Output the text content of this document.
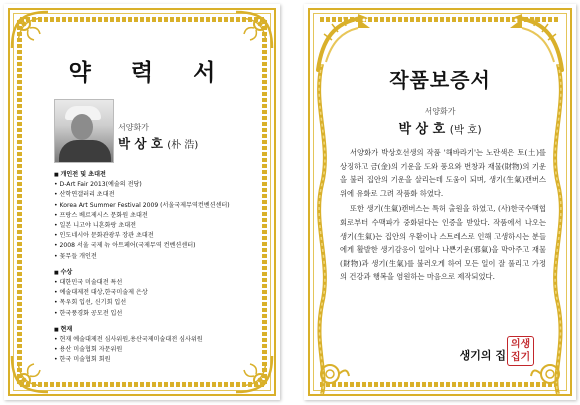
약 력 서
서양화가
박 상 호 (朴 浩)
■ 개인전 및 초대전
• D-Art Fair 2013(예술의 전당)
• 산학연갤러리 초대전
• Korea Art Summer Festival 2009 (서울국제무역컨벤션센터)
• 프랑스 베르제시스 문화원 초대전
• 일본 니고야 니혼화랑 초대전
• 인도네시아 문화관광부 장관 초대전
• 2008 서울 국제 뉴 아트페어(국제무역 컨벤션센터)
• 꽃무들 개인전
■ 수상
• 대한민국 미술대전 특선
• 예술대제전 대상,한국미술제 은상
• 목우회 입선, 신기회 입선
• 한국풍경화 공모전 입선
■ 현재
• 현재 예술대제전 심사위원,용산국제미술대전 심사위원
• 용산 미술협회 자문위원
• 한국 미술협회 회원
작품보증서
서양화가
박 상 호 (박 호)

서양화가 박상호선생의 작품 '해바라기'는 노란색은 토(土)를 상징하고 금(金)의 기운을 도와 풍요와 번창과 재물(財物)의 기운을 불러 집안의 기운을 살리는데 도움이 되며, 생기(生氣)캔버스 위에 유화로 그려 작품화 하였다.

또한 생기(生氣)캔버스는 특허 출원을 하였고, (사)한국수맥협회로부터 수맥파가 중화된다는 인증을 받았다. 작품에서 나오는 생기(生氣)는 집안의 우환이나 스트레스로 인해 고생하시는 분들에게 활발한 생기감응이 일어나 나쁜기운(邪氣)을 막아주고 재물(財物)과 생기(生氣)를 불러오게 하여 모든 일이 잘 풀리고 가정의 건강과 행복을 염원하는 마음으로 제작되었다.

생기의 집
의생
집기
